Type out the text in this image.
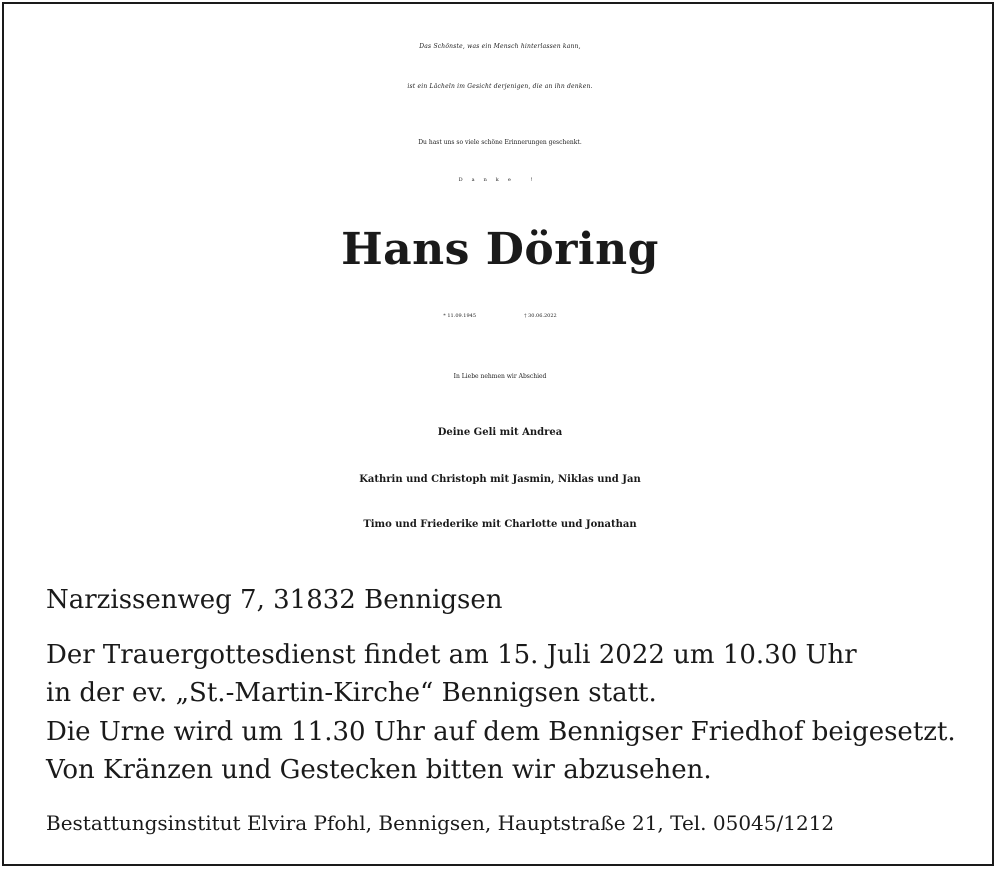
Das Schönste, was ein Mensch hinterlassen kann,
ist ein Lächeln im Gesicht derjenigen, die an ihn denken.
Du hast uns so viele schöne Erinnerungen geschenkt.
Danke !
Hans Döring
* 11.09.1945	† 30.06.2022
In Liebe nehmen wir Abschied
Deine Geli mit Andrea
Kathrin und Christoph mit Jasmin, Niklas und Jan
Timo und Friederike mit Charlotte und Jonathan
Narzissenweg 7, 31832 Bennigsen
Der Trauergottesdienst findet am 15. Juli 2022 um 10.30 Uhr
in der ev. „St.-Martin-Kirche“ Bennigsen statt.
Die Urne wird um 11.30 Uhr auf dem Bennigser Friedhof beigesetzt.
Von Kränzen und Gestecken bitten wir abzusehen.
Bestattungsinstitut Elvira Pfohl, Bennigsen, Hauptstraße 21, Tel. 05045/1212
